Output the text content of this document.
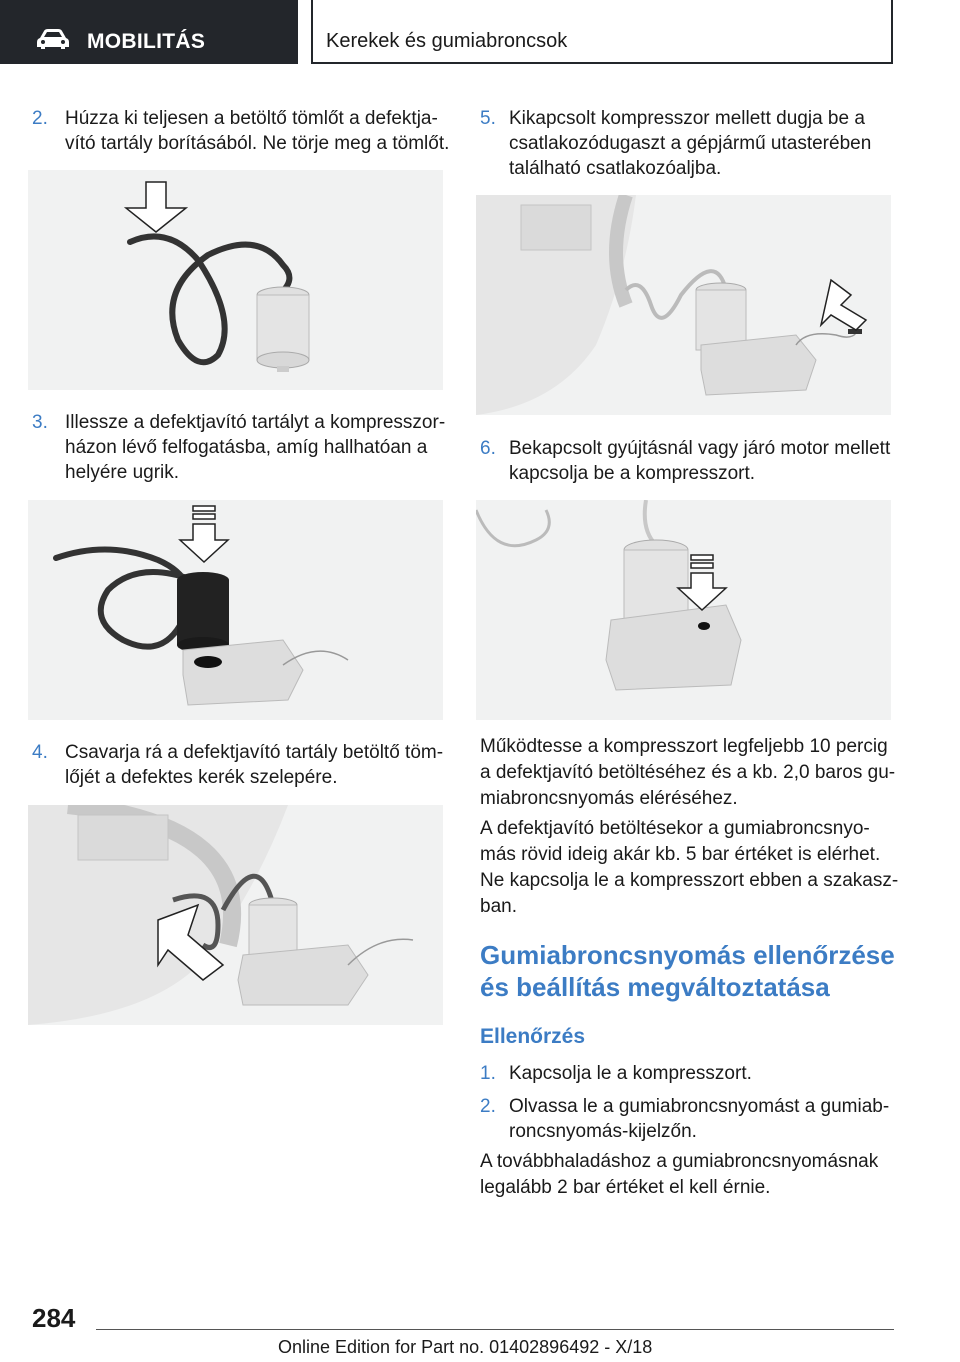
MOBILITÁS	Kerekek és gumiabroncsok
2. Húzza ki teljesen a betöltő tömlőt a defektja-
vító tartály borításából. Ne törje meg a tömlőt.
3. Illessze a defektjavító tartályt a kompresszor-
házon lévő felfogatásba, amíg hallhatóan a
helyére ugrik.
4. Csavarja rá a defektjavító tartály betöltő töm-
lőjét a defektes kerék szelepére.
5. Kikapcsolt kompresszor mellett dugja be a
csatlakozódugaszt a gépjármű utasterében
található csatlakozóaljba.
6. Bekapcsolt gyújtásnál vagy járó motor mellett
kapcsolja be a kompresszort.
Működtesse a kompresszort legfeljebb 10 percig
a defektjavító betöltéséhez és a kb. 2,0 baros gu-
miabroncsnyomás eléréséhez.
A defektjavító betöltésekor a gumiabroncsnyo-
más rövid ideig akár kb. 5 bar értéket is elérhet.
Ne kapcsolja le a kompresszort ebben a szakasz-
ban.
Gumiabroncsnyomás ellenőrzése
és beállítás megváltoztatása
Ellenőrzés
1. Kapcsolja le a kompresszort.
2. Olvassa le a gumiabroncsnyomást a gumiab-
roncsnyomás-kijelzőn.
A továbbhaladáshoz a gumiabroncsnyomásnak
legalább 2 bar értéket el kell érnie.
284
Online Edition for Part no. 01402896492 - X/18
